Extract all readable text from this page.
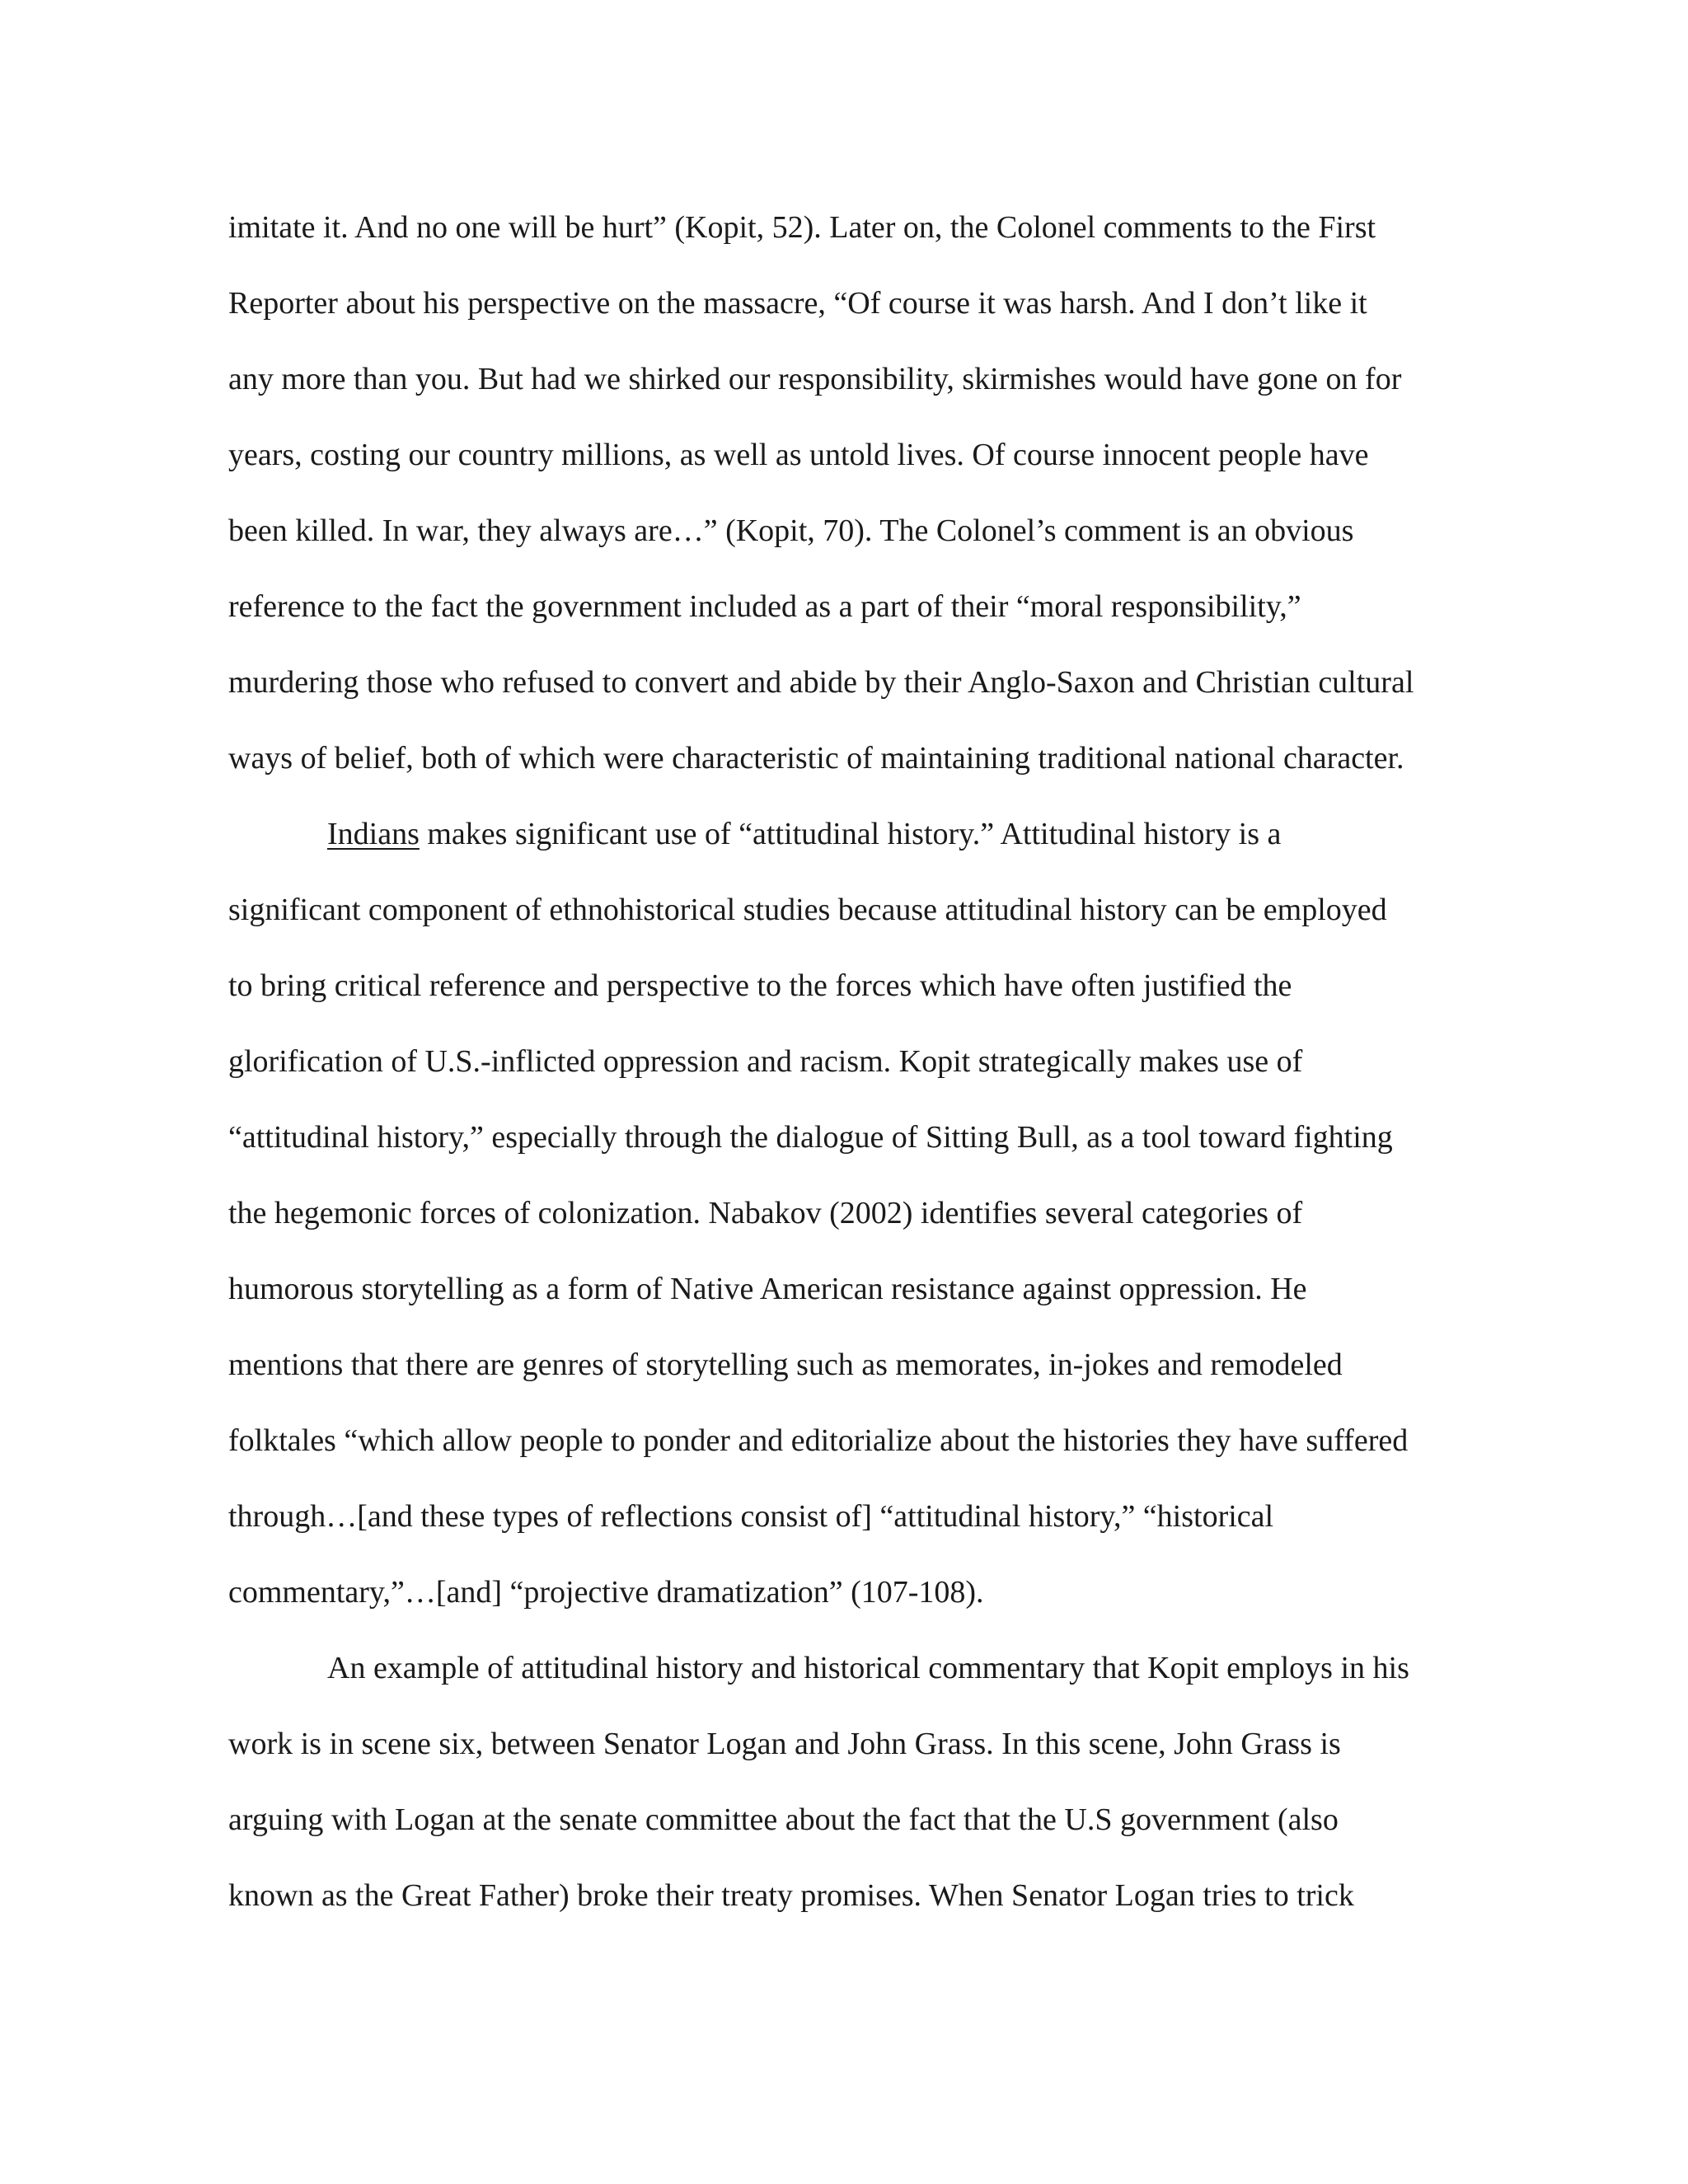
imitate it. And no one will be hurt” (Kopit, 52). Later on, the Colonel comments to the First
Reporter about his perspective on the massacre, “Of course it was harsh. And I don’t like it
any more than you. But had we shirked our responsibility, skirmishes would have gone on for
years, costing our country millions, as well as untold lives. Of course innocent people have
been killed. In war, they always are…” (Kopit, 70). The Colonel’s comment is an obvious
reference to the fact the government included as a part of their “moral responsibility,”
murdering those who refused to convert and abide by their Anglo-Saxon and Christian cultural
ways of belief, both of which were characteristic of maintaining traditional national character.
Indians makes significant use of “attitudinal history.” Attitudinal history is a
significant component of ethnohistorical studies because attitudinal history can be employed
to bring critical reference and perspective to the forces which have often justified the
glorification of U.S.-inflicted oppression and racism. Kopit strategically makes use of
“attitudinal history,” especially through the dialogue of Sitting Bull, as a tool toward fighting
the hegemonic forces of colonization. Nabakov (2002) identifies several categories of
humorous storytelling as a form of Native American resistance against oppression. He
mentions that there are genres of storytelling such as memorates, in-jokes and remodeled
folktales “which allow people to ponder and editorialize about the histories they have suffered
through…[and these types of reflections consist of] “attitudinal history,” “historical
commentary,”…[and] “projective dramatization” (107-108).
An example of attitudinal history and historical commentary that Kopit employs in his
work is in scene six, between Senator Logan and John Grass. In this scene, John Grass is
arguing with Logan at the senate committee about the fact that the U.S government (also
known as the Great Father) broke their treaty promises. When Senator Logan tries to trick
